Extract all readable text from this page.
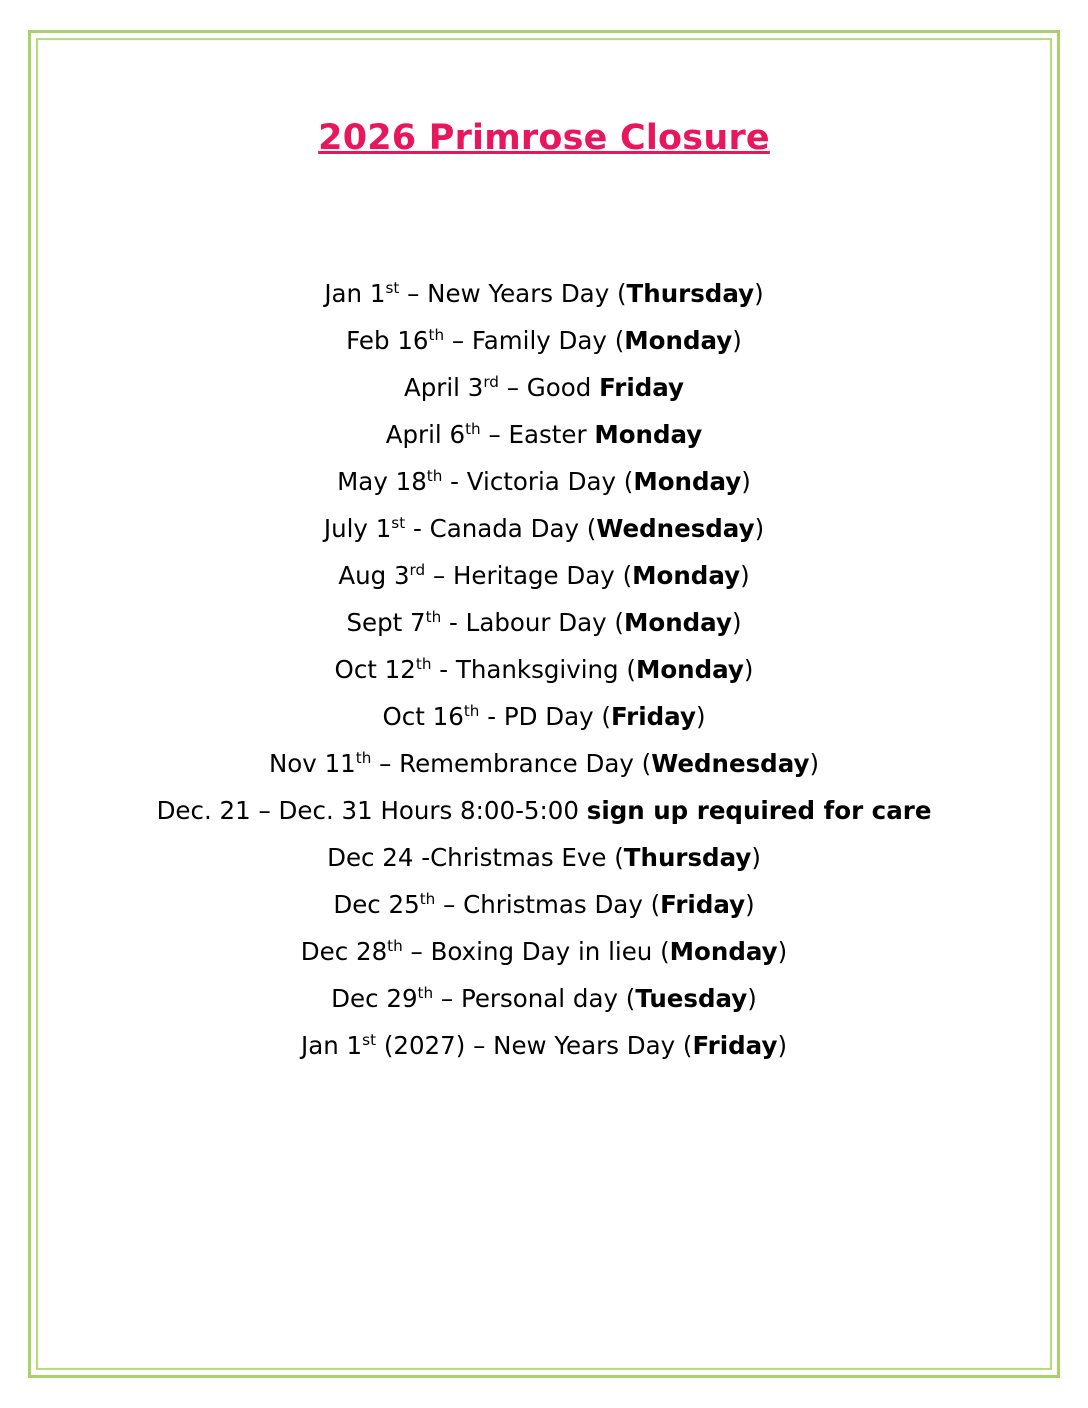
2026 Primrose Closure
Jan 1st – New Years Day (Thursday)
Feb 16th – Family Day (Monday)
April 3rd – Good Friday
April 6th – Easter Monday
May 18th - Victoria Day (Monday)
July 1st - Canada Day (Wednesday)
Aug 3rd – Heritage Day (Monday)
Sept 7th - Labour Day (Monday)
Oct 12th - Thanksgiving (Monday)
Oct 16th - PD Day (Friday)
Nov 11th – Remembrance Day (Wednesday)
Dec. 21 – Dec. 31 Hours 8:00-5:00 sign up required for care
Dec 24 -Christmas Eve (Thursday)
Dec 25th – Christmas Day (Friday)
Dec 28th – Boxing Day in lieu (Monday)
Dec 29th – Personal day (Tuesday)
Jan 1st (2027) – New Years Day (Friday)
